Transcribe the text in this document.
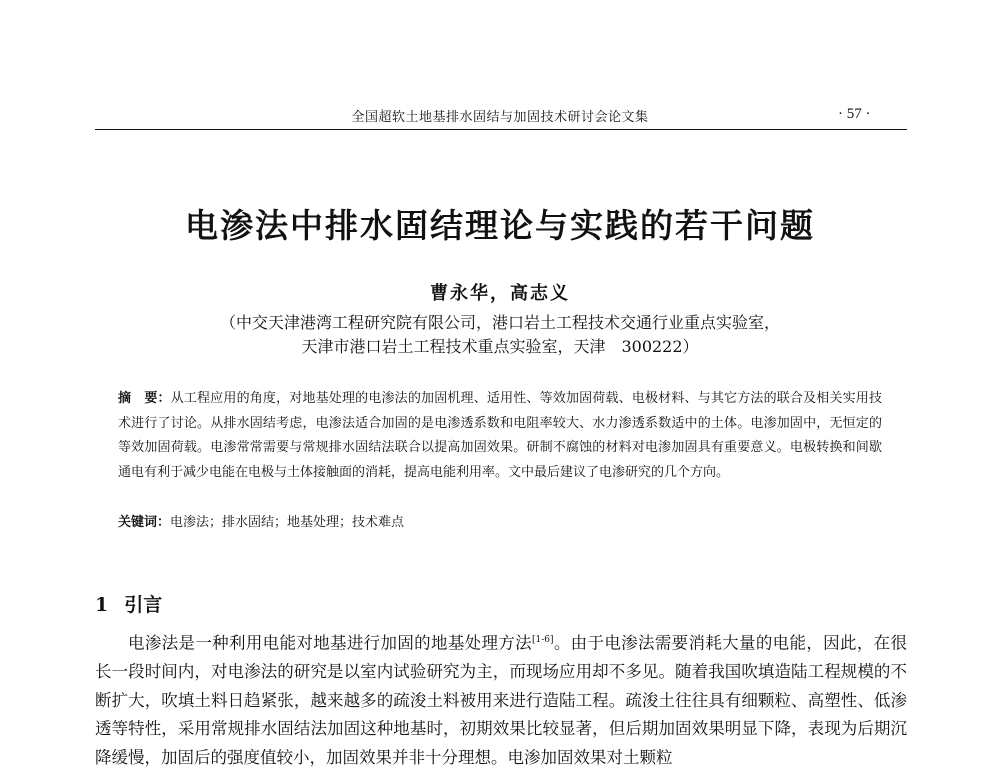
全国超软土地基排水固结与加固技术研讨会论文集	· 57 ·
电渗法中排水固结理论与实践的若干问题
曹永华，高志义
（中交天津港湾工程研究院有限公司，港口岩土工程技术交通行业重点实验室，
天津市港口岩土工程技术重点实验室，天津　300222）

摘　要：从工程应用的角度，对地基处理的电渗法的加固机理、适用性、等效加固荷载、电极材料、与其它方法的联合及相关实用技术进行了讨论。从排水固结考虑，电渗法适合加固的是电渗透系数和电阻率较大、水力渗透系数适中的土体。电渗加固中，无恒定的等效加固荷载。电渗常常需要与常规排水固结法联合以提高加固效果。研制不腐蚀的材料对电渗加固具有重要意义。电极转换和间歇通电有利于减少电能在电极与土体接触面的消耗，提高电能利用率。文中最后建议了电渗研究的几个方向。

关键词：电渗法；排水固结；地基处理；技术难点
1 引言

电渗法是一种利用电能对地基进行加固的地基处理方法[1-6]。由于电渗法需要消耗大量的电能，因此，在很长一段时间内，对电渗法的研究是以室内试验研究为主，而现场应用却不多见。随着我国吹填造陆工程规模的不断扩大，吹填土料日趋紧张，越来越多的疏浚土料被用来进行造陆工程。疏浚土往往具有细颗粒、高塑性、低渗透等特性，采用常规排水固结法加固这种地基时，初期效果比较显著，但后期加固效果明显下降，表现为后期沉降缓慢，加固后的强度值较小，加固效果并非十分理想。电渗加固效果对土颗粒
